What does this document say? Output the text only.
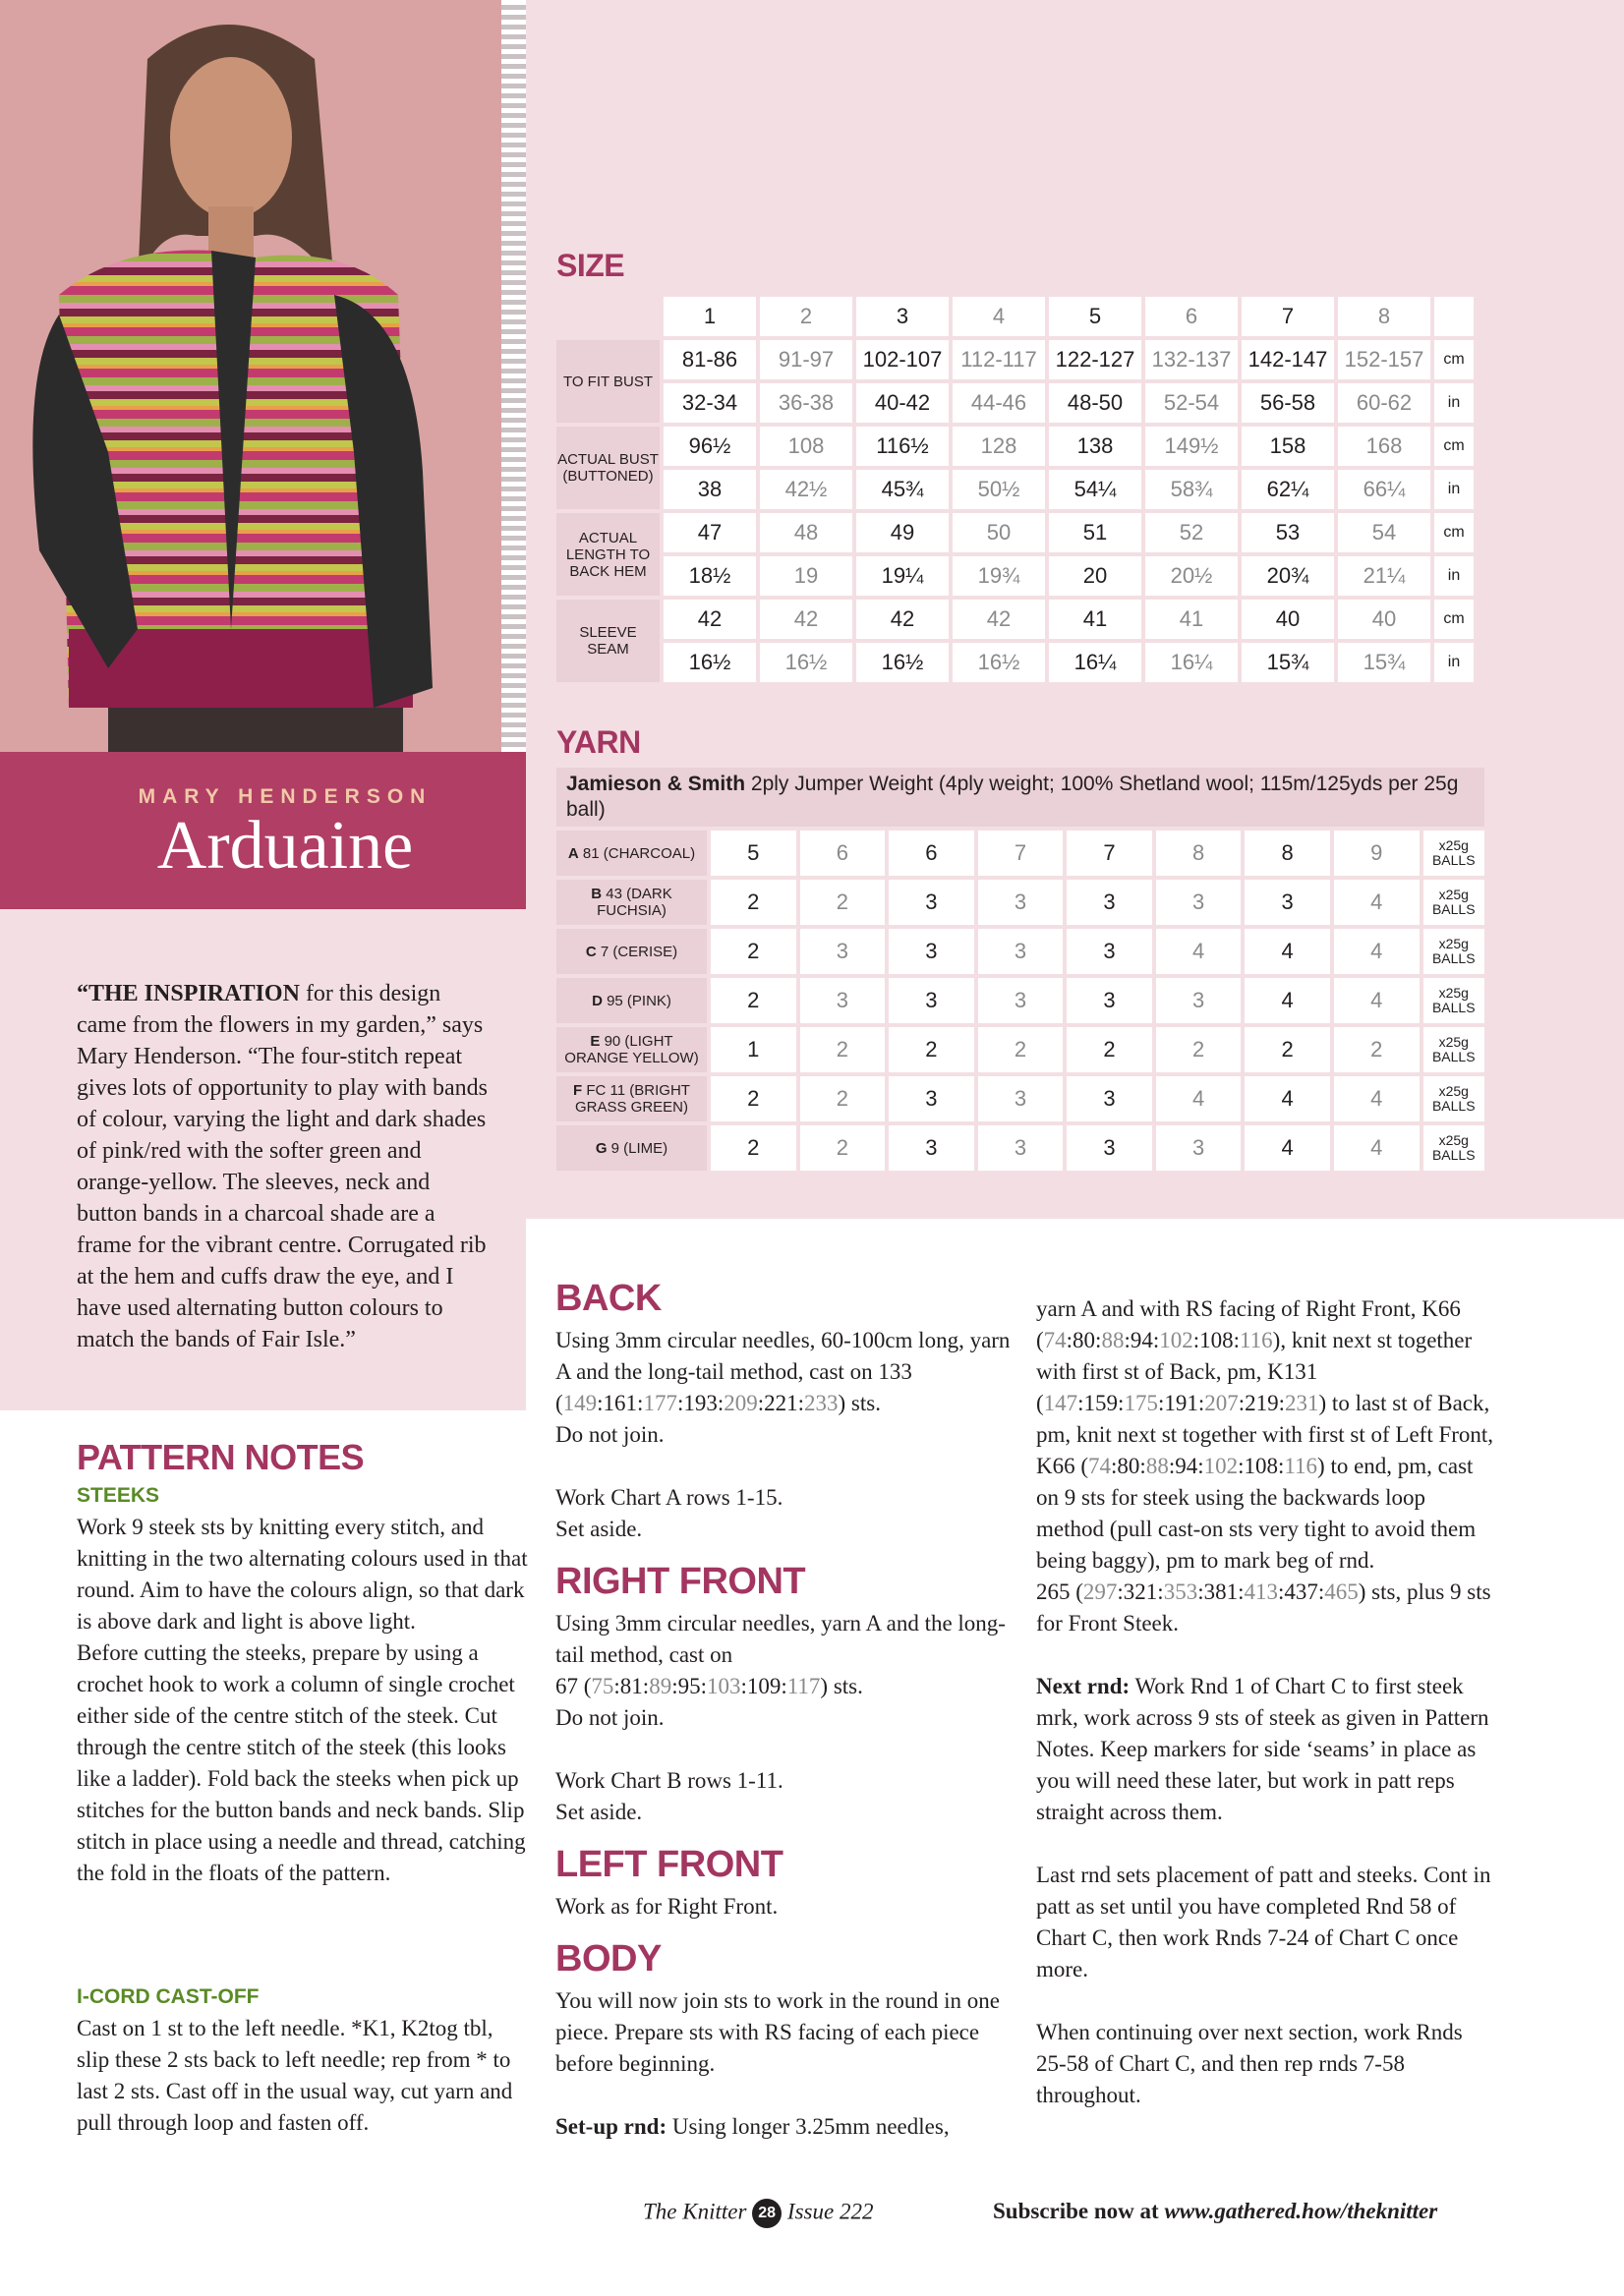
MARY HENDERSON
Arduaine
“THE INSPIRATION for this design came from the flowers in my garden,” says Mary Henderson. “The four-stitch repeat gives lots of opportunity to play with bands of colour, varying the light and dark shades of pink/red with the softer green and orange-yellow. The sleeves, neck and button bands in a charcoal shade are a frame for the vibrant centre. Corrugated rib at the hem and cuffs draw the eye, and I have used alternating button colours to match the bands of Fair Isle.”
SIZE
	1	2	3	4	5	6	7	8	
TO FIT BUST	81-86	91-97	102-107	112-117	122-127	132-137	142-147	152-157	cm
	32-34	36-38	40-42	44-46	48-50	52-54	56-58	60-62	in
ACTUAL BUST (BUTTONED)	96½	108	116½	128	138	149½	158	168	cm
	38	42½	45¾	50½	54¼	58¾	62¼	66¼	in
ACTUAL LENGTH TO BACK HEM	47	48	49	50	51	52	53	54	cm
	18½	19	19¼	19¾	20	20½	20¾	21¼	in
SLEEVE SEAM	42	42	42	42	41	41	40	40	cm
	16½	16½	16½	16½	16¼	16¼	15¾	15¾	in
YARN
Jamieson & Smith 2ply Jumper Weight (4ply weight; 100% Shetland wool; 115m/125yds per 25g ball)									
A 81 (CHARCOAL)	5	6	6	7	7	8	8	9	x25g
BALLS

B 43 (DARK FUCHSIA)	2	2	3	3	3	3	3	4	x25g
BALLS

C 7 (CERISE)	2	3	3	3	3	4	4	4	x25g
BALLS

D 95 (PINK)	2	3	3	3	3	3	4	4	x25g
BALLS

E 90 (LIGHT ORANGE YELLOW)	1	2	2	2	2	2	2	2	x25g
BALLS

F FC 11 (BRIGHT GRASS GREEN)	2	2	3	3	3	4	4	4	x25g
BALLS

G 9 (LIME)	2	2	3	3	3	3	4	4	x25g
BALLS
PATTERN NOTES
STEEKS

Work 9 steek sts by knitting every stitch, and knitting in the two alternating colours used in that round. Aim to have the colours align, so that dark is above dark and light is above light.

Before cutting the steeks, prepare by using a crochet hook to work a column of single crochet either side of the centre stitch of the steek. Cut through the centre stitch of the steek (this looks like a ladder). Fold back the steeks when pick up stitches for the button bands and neck bands. Slip stitch in place using a needle and thread, catching the fold in the floats of the pattern.

I-CORD CAST-OFF
Cast on 1 st to the left needle. *K1, K2tog tbl, slip these 2 sts back to left needle; rep from * to last 2 sts. Cast off in the usual way, cut yarn and pull through loop and fasten off.
BACK

Using 3mm circular needles, 60-100cm long, yarn A and the long-tail method, cast on 133 (149:161:177:193:209:221:233) sts.

Do not join.

Work Chart A rows 1-15.

Set aside.

RIGHT FRONT

Using 3mm circular needles, yarn A and the long-tail method, cast on

67 (75:81:89:95:103:109:117) sts.

Do not join.

Work Chart B rows 1-11.

Set aside.

LEFT FRONT
Work as for Right Front.
BODY

You will now join sts to work in the round in one piece. Prepare sts with RS facing of each piece before beginning.

Set-up rnd: Using longer 3.25mm needles,

yarn A and with RS facing of Right Front, K66 (74:80:88:94:102:108:116), knit next st together with first st of Back, pm, K131 (147:159:175:191:207:219:231) to last st of Back, pm, knit next st together with first st of Left Front, K66 (74:80:88:94:102:108:116) to end, pm, cast on 9 sts for steek using the backwards loop method (pull cast-on sts very tight to avoid them being baggy), pm to mark beg of rnd.

265 (297:321:353:381:413:437:465) sts, plus 9 sts for Front Steek.

Next rnd: Work Rnd 1 of Chart C to first steek mrk, work across 9 sts of steek as given in Pattern Notes. Keep markers for side ‘seams’ in place as you will need these later, but work in patt reps straight across them.

Last rnd sets placement of patt and steeks. Cont in patt as set until you have completed Rnd 58 of Chart C, then work Rnds 7-24 of Chart C once more.

When continuing over next section, work Rnds 25-58 of Chart C, and then rep rnds 7-58 throughout.

The Knitter 28 Issue 222	Subscribe now at www.gathered.how/theknitter
